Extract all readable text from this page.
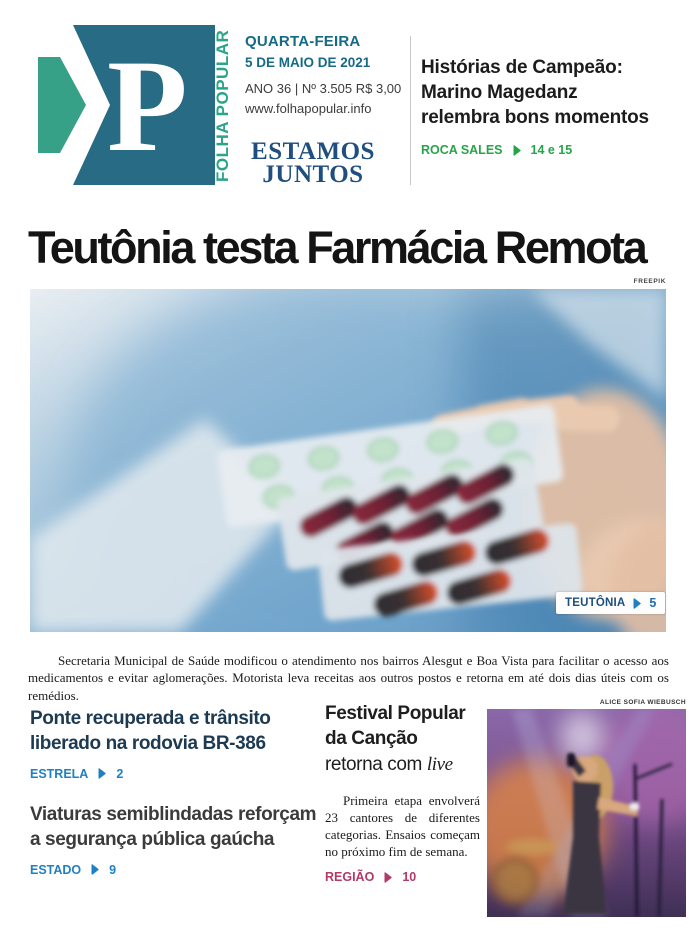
P FOLHA POPULAR QUARTA-FEIRA
5 DE MAIO DE 2021
ANO 36 | Nº 3.505 R$ 3,00
www.folhapopular.info
ESTAMOS
JUNTOS
Histórias de Campeão:
Marino Magedanz
relembra bons momentos
ROCA SALES 14 e 15
Teutônia testa Farmácia Remota
FREEPIK
TEUTÔNIA 5

Secretaria Municipal de Saúde modificou o atendimento nos bairros Alesgut e Boa Vista para facilitar o acesso aos medicamentos e evitar aglomerações. Motorista leva receitas aos outros postos e retorna em até dois dias úteis com os remédios.

Ponte recuperada e trânsito
liberado na rodovia BR-386
ESTRELA 2
Viaturas semiblindadas reforçam
a segurança pública gaúcha
ESTADO 9
Festival Popular
da Canção
retorna com live

Primeira etapa envolverá 23 cantores de diferentes categorias. Ensaios começam no próximo fim de semana.

REGIÃO 10
ALICE SOFIA WIEBUSCH
